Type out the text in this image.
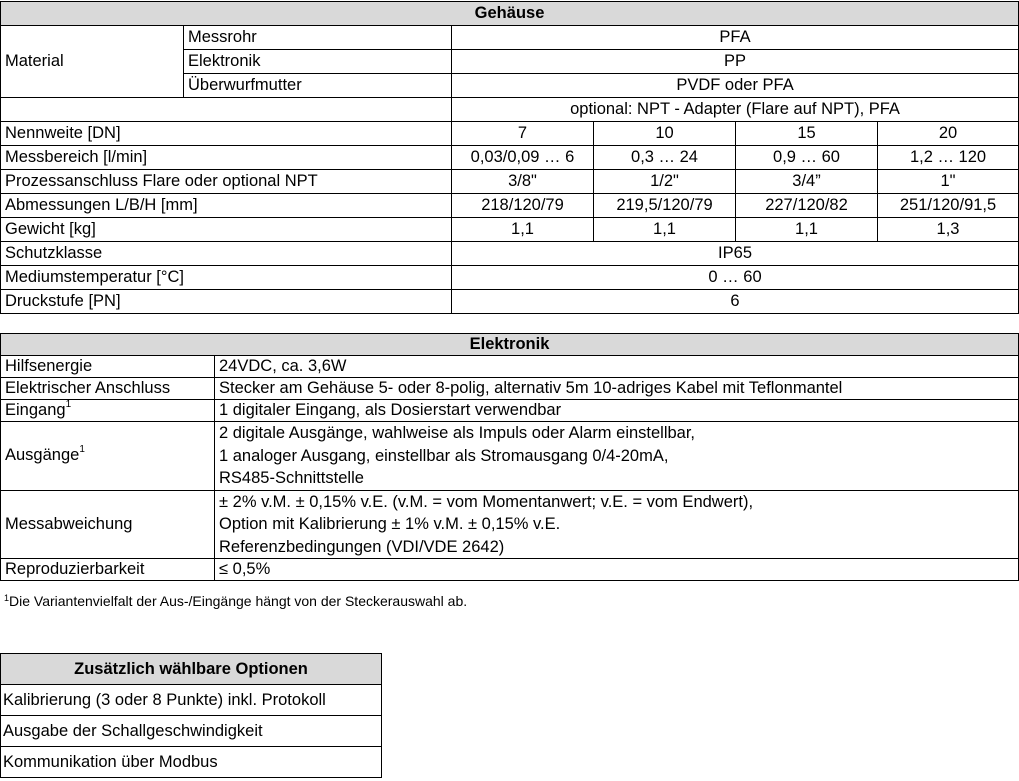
Gehäuse					
Material	Messrohr	PFA			
	Elektronik	PP			
	Überwurfmutter	PVDF oder PFA			
		optional: NPT - Adapter (Flare auf NPT), PFA			
Nennweite [DN]		7	10	15	20
Messbereich [l/min]		0,03/0,09 … 6	0,3 … 24	0,9 … 60	1,2 … 120
Prozessanschluss Flare oder optional NPT		3/8"	1/2"	3/4”	1"
Abmessungen L/B/H [mm]		218/120/79	219,5/120/79	227/120/82	251/120/91,5
Gewicht [kg]		1,1	1,1	1,1	1,3
Schutzklasse		IP65			
Mediumstemperatur [°C]		0 … 60			
Druckstufe [PN]		6			
Elektronik	
Hilfsenergie	24VDC, ca. 3,6W
Elektrischer Anschluss	Stecker am Gehäuse 5- oder 8-polig, alternativ 5m 10-adriges Kabel mit Teflonmantel
Eingang$^1$	1 digitaler Eingang, als Dosierstart verwendbar
Ausgänge$^1$	2 digitale Ausgänge, wahlweise als Impuls oder Alarm einstellbar,
1 analoger Ausgang, einstellbar als Stromausgang 0/4-20mA,
RS485-Schnittstelle

Messabweichung	± 2% v.M. ± 0,15% v.E. (v.M. = vom Momentanwert; v.E. = vom Endwert),
Option mit Kalibrierung ± 1% v.M. ± 0,15% v.E.
Referenzbedingungen (VDI/VDE 2642)

Reproduzierbarkeit	≤ 0,5%
$^1$Die Variantenvielfalt der Aus-/Eingänge hängt von der Steckerauswahl ab.
Zusätzlich wählbare Optionen
Kalibrierung (3 oder 8 Punkte) inkl. Protokoll
Ausgabe der Schallgeschwindigkeit
Kommunikation über Modbus
